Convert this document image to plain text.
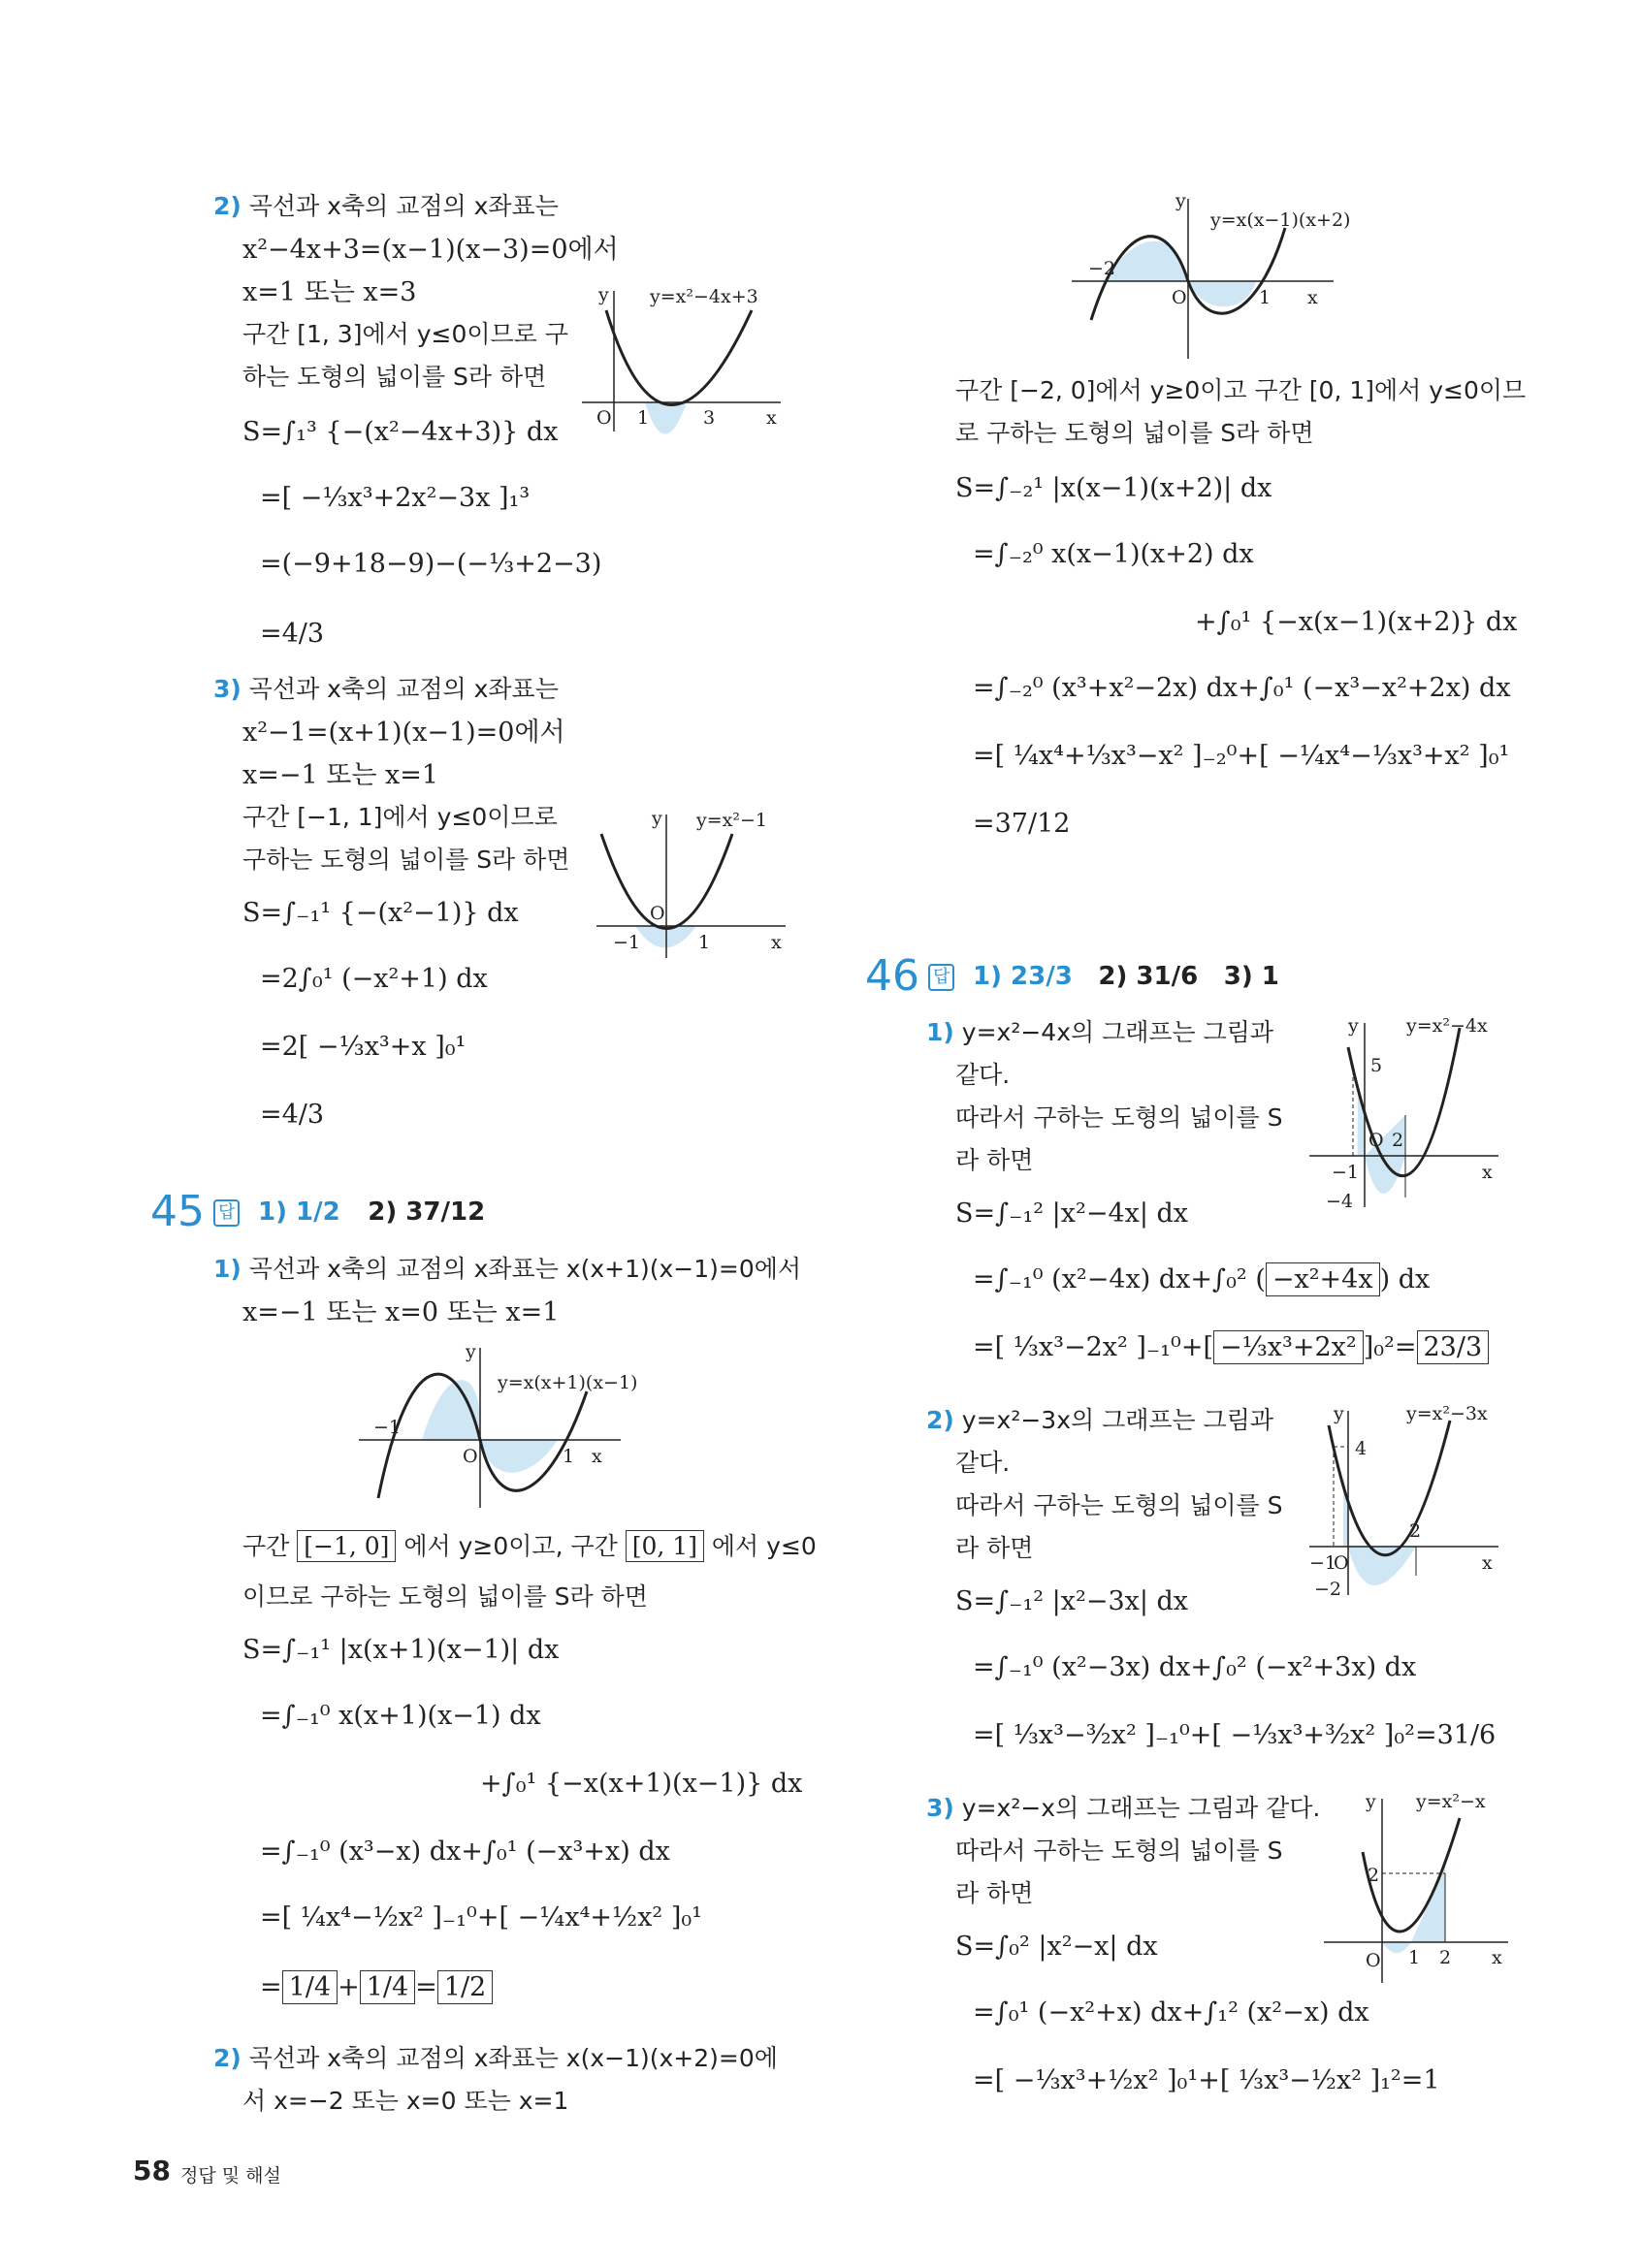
2) 곡선과 x축의 교점의 x좌표는
x²−4x+3=(x−1)(x−3)=0에서
x=1 또는 x=3
구간 [1, 3]에서 y≤0이므로 구
하는 도형의 넓이를 S라 하면
S=∫₁³ {−(x²−4x+3)} dx
=[ −⅓x³+2x²−3x ]₁³
=(−9+18−9)−(−⅓+2−3)
=4/3
y y=x²−4x+3
O 1	3	x
3) 곡선과 x축의 교점의 x좌표는
x²−1=(x+1)(x−1)=0에서
x=−1 또는 x=1
구간 [−1, 1]에서 y≤0이므로
구하는 도형의 넓이를 S라 하면
S=∫₋₁¹ {−(x²−1)} dx
=2∫₀¹ (−x²+1) dx
=2[ −⅓x³+x ]₀¹
=4/3
y y=x²−1
O
−1	1	x
45 답 1) 1/2 2) 37/12
1) 곡선과 x축의 교점의 x좌표는 x(x+1)(x−1)=0에서
x=−1 또는 x=0 또는 x=1
y
y=x(x+1)(x−1)
O
−1
1 x
구간 [−1, 0] 에서 y≥0이고, 구간 [0, 1] 에서 y≤0
이므로 구하는 도형의 넓이를 S라 하면
S=∫₋₁¹ |x(x+1)(x−1)| dx
=∫₋₁⁰ x(x+1)(x−1) dx
+∫₀¹ {−x(x+1)(x−1)} dx
=∫₋₁⁰ (x³−x) dx+∫₀¹ (−x³+x) dx
=[ ¼x⁴−½x² ]₋₁⁰+[ −¼x⁴+½x² ]₀¹
= 1/4 + 1/4 = 1/2
2) 곡선과 x축의 교점의 x좌표는 x(x−1)(x+2)=0에
서 x=−2 또는 x=0 또는 x=1
y
y=x(x−1)(x+2)
O
−2
1 x
구간 [−2, 0]에서 y≥0이고 구간 [0, 1]에서 y≤0이므
로 구하는 도형의 넓이를 S라 하면
S=∫₋₂¹ |x(x−1)(x+2)| dx
=∫₋₂⁰ x(x−1)(x+2) dx
+∫₀¹ {−x(x−1)(x+2)} dx
=∫₋₂⁰ (x³+x²−2x) dx+∫₀¹ (−x³−x²+2x) dx
=[ ¼x⁴+⅓x³−x² ]₋₂⁰+[ −¼x⁴−⅓x³+x² ]₀¹
=37/12
46 답 1) 23/3 2) 31/6 3) 1
1) y=x²−4x의 그래프는 그림과
같다.
따라서 구하는 도형의 넓이를 S
라 하면
S=∫₋₁² |x²−4x| dx
=∫₋₁⁰ (x²−4x) dx+∫₀² ( −x²+4x ) dx
=[ ⅓x³−2x² ]₋₁⁰+[ −⅓x³+2x² ]₀²= 23/3
y	y=x²−4x
5
O 2
−1
−4
x
2) y=x²−3x의 그래프는 그림과
같다.
따라서 구하는 도형의 넓이를 S
라 하면
S=∫₋₁² |x²−3x| dx
=∫₋₁⁰ (x²−3x) dx+∫₀² (−x²+3x) dx
=[ ⅓x³−³⁄₂x² ]₋₁⁰+[ −⅓x³+³⁄₂x² ]₀²=31/6
y	y=x²−3x
4
2
−1
O
−2
x
3) y=x²−x의 그래프는 그림과 같다.
따라서 구하는 도형의 넓이를 S
라 하면
S=∫₀² |x²−x| dx
=∫₀¹ (−x²+x) dx+∫₁² (x²−x) dx
=[ −⅓x³+½x² ]₀¹+[ ⅓x³−½x² ]₁²=1
y y=x²−x
2
O 1 2 x
58 정답 및 해설
